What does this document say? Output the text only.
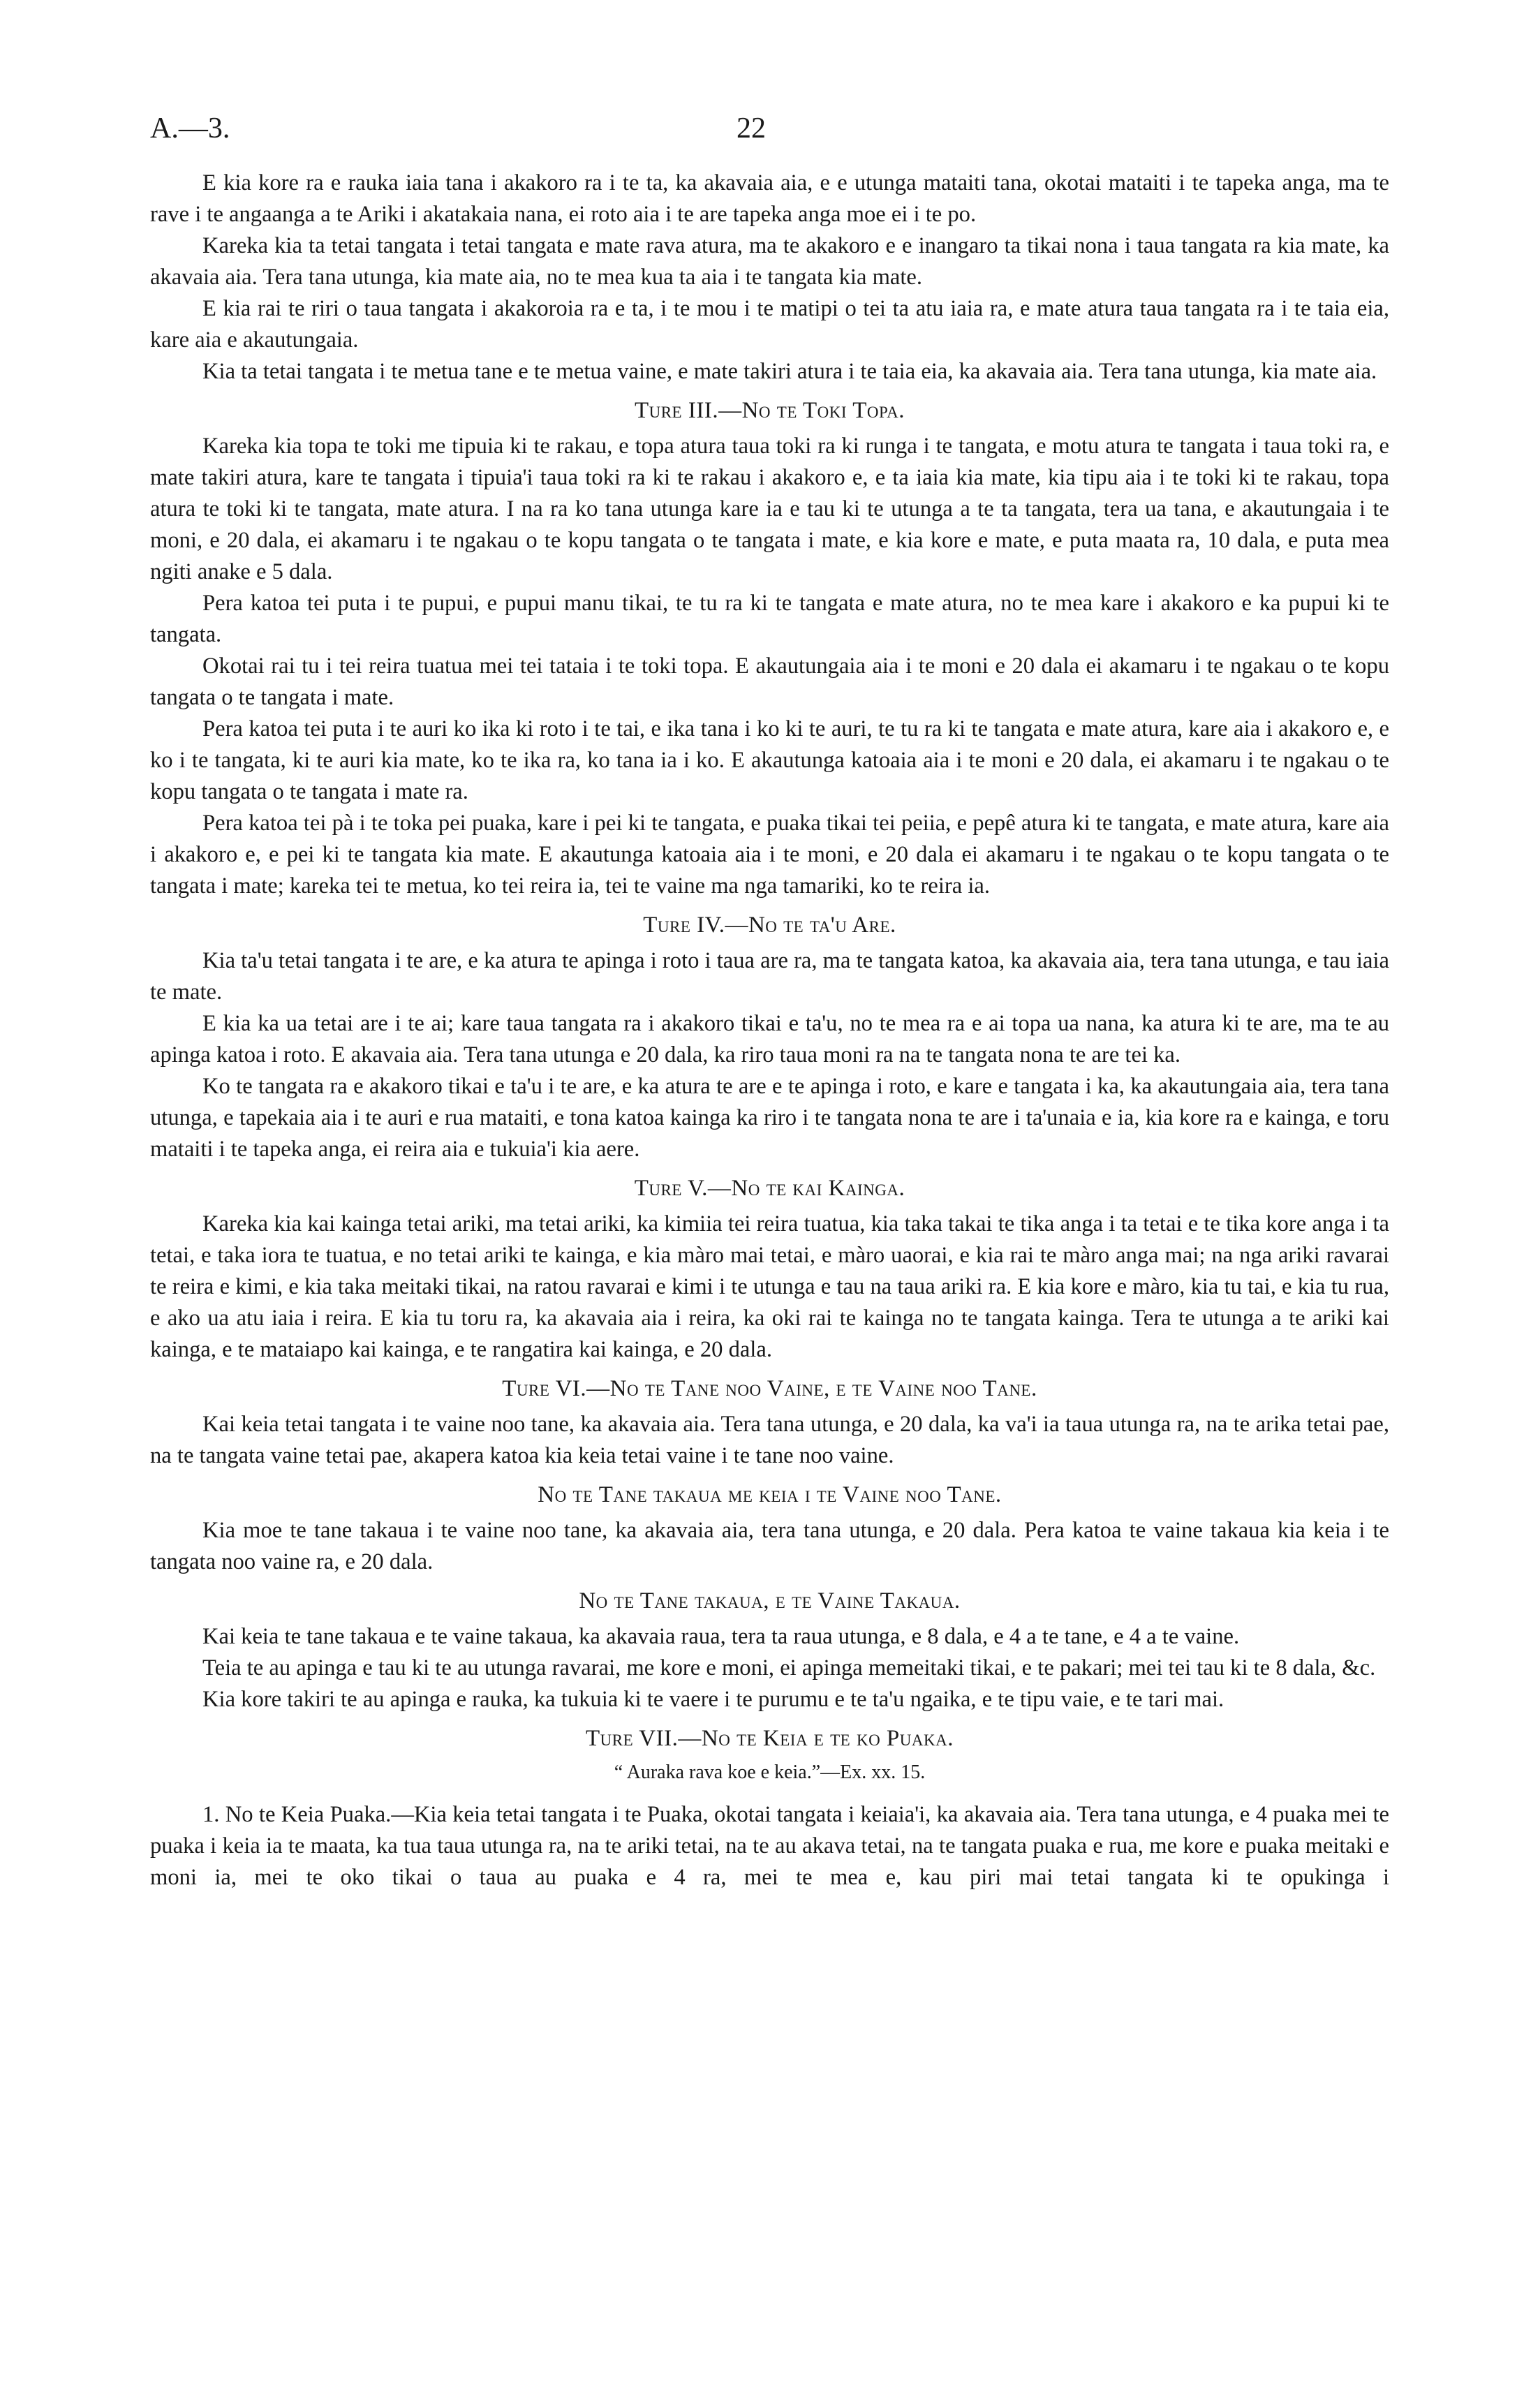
A.—3.	22

E kia kore ra e rauka iaia tana i akakoro ra i te ta, ka akavaia aia, e e utunga mataiti tana, okotai mataiti i te tapeka anga, ma te rave i te angaanga a te Ariki i akatakaia nana, ei roto aia i te are tapeka anga moe ei i te po.

Kareka kia ta tetai tangata i tetai tangata e mate rava atura, ma te akakoro e e inangaro ta tikai nona i taua tangata ra kia mate, ka akavaia aia. Tera tana utunga, kia mate aia, no te mea kua ta aia i te tangata kia mate.

E kia rai te riri o taua tangata i akakoroia ra e ta, i te mou i te matipi o tei ta atu iaia ra, e mate atura taua tangata ra i te taia eia, kare aia e akautungaia.

Kia ta tetai tangata i te metua tane e te metua vaine, e mate takiri atura i te taia eia, ka akavaia aia. Tera tana utunga, kia mate aia.

Ture III.—No te Toki Topa.

Kareka kia topa te toki me tipuia ki te rakau, e topa atura taua toki ra ki runga i te tangata, e motu atura te tangata i taua toki ra, e mate takiri atura, kare te tangata i tipuia'i taua toki ra ki te rakau i akakoro e, e ta iaia kia mate, kia tipu aia i te toki ki te rakau, topa atura te toki ki te tangata, mate atura. I na ra ko tana utunga kare ia e tau ki te utunga a te ta tangata, tera ua tana, e akautungaia i te moni, e 20 dala, ei akamaru i te ngakau o te kopu tangata o te tangata i mate, e kia kore e mate, e puta maata ra, 10 dala, e puta mea ngiti anake e 5 dala.

Pera katoa tei puta i te pupui, e pupui manu tikai, te tu ra ki te tangata e mate atura, no te mea kare i akakoro e ka pupui ki te tangata.

Okotai rai tu i tei reira tuatua mei tei tataia i te toki topa. E akautungaia aia i te moni e 20 dala ei akamaru i te ngakau o te kopu tangata o te tangata i mate.

Pera katoa tei puta i te auri ko ika ki roto i te tai, e ika tana i ko ki te auri, te tu ra ki te tangata e mate atura, kare aia i akakoro e, e ko i te tangata, ki te auri kia mate, ko te ika ra, ko tana ia i ko. E akautunga katoaia aia i te moni e 20 dala, ei akamaru i te ngakau o te kopu tangata o te tangata i mate ra.

Pera katoa tei pà i te toka pei puaka, kare i pei ki te tangata, e puaka tikai tei peiia, e pepê atura ki te tangata, e mate atura, kare aia i akakoro e, e pei ki te tangata kia mate. E akautunga katoaia aia i te moni, e 20 dala ei akamaru i te ngakau o te kopu tangata o te tangata i mate; kareka tei te metua, ko tei reira ia, tei te vaine ma nga tamariki, ko te reira ia.

Ture IV.—No te ta'u Are.

Kia ta'u tetai tangata i te are, e ka atura te apinga i roto i taua are ra, ma te tangata katoa, ka akavaia aia, tera tana utunga, e tau iaia te mate.

E kia ka ua tetai are i te ai; kare taua tangata ra i akakoro tikai e ta'u, no te mea ra e ai topa ua nana, ka atura ki te are, ma te au apinga katoa i roto. E akavaia aia. Tera tana utunga e 20 dala, ka riro taua moni ra na te tangata nona te are tei ka.

Ko te tangata ra e akakoro tikai e ta'u i te are, e ka atura te are e te apinga i roto, e kare e tangata i ka, ka akautungaia aia, tera tana utunga, e tapekaia aia i te auri e rua mataiti, e tona katoa kainga ka riro i te tangata nona te are i ta'unaia e ia, kia kore ra e kainga, e toru mataiti i te tapeka anga, ei reira aia e tukuia'i kia aere.

Ture V.—No te kai Kainga.

Kareka kia kai kainga tetai ariki, ma tetai ariki, ka kimiia tei reira tuatua, kia taka takai te tika anga i ta tetai e te tika kore anga i ta tetai, e taka iora te tuatua, e no tetai ariki te kainga, e kia màro mai tetai, e màro uaorai, e kia rai te màro anga mai; na nga ariki ravarai te reira e kimi, e kia taka meitaki tikai, na ratou ravarai e kimi i te utunga e tau na taua ariki ra. E kia kore e màro, kia tu tai, e kia tu rua, e ako ua atu iaia i reira. E kia tu toru ra, ka akavaia aia i reira, ka oki rai te kainga no te tangata kainga. Tera te utunga a te ariki kai kainga, e te mataiapo kai kainga, e te rangatira kai kainga, e 20 dala.

Ture VI.—No te Tane noo Vaine, e te Vaine noo Tane.

Kai keia tetai tangata i te vaine noo tane, ka akavaia aia. Tera tana utunga, e 20 dala, ka va'i ia taua utunga ra, na te arika tetai pae, na te tangata vaine tetai pae, akapera katoa kia keia tetai vaine i te tane noo vaine.

No te Tane takaua me keia i te Vaine noo Tane.

Kia moe te tane takaua i te vaine noo tane, ka akavaia aia, tera tana utunga, e 20 dala. Pera katoa te vaine takaua kia keia i te tangata noo vaine ra, e 20 dala.

No te Tane takaua, e te Vaine Takaua.

Kai keia te tane takaua e te vaine takaua, ka akavaia raua, tera ta raua utunga, e 8 dala, e 4 a te tane, e 4 a te vaine.

Teia te au apinga e tau ki te au utunga ravarai, me kore e moni, ei apinga memeitaki tikai, e te pakari; mei tei tau ki te 8 dala, &c.

Kia kore takiri te au apinga e rauka, ka tukuia ki te vaere i te purumu e te ta'u ngaika, e te tipu vaie, e te tari mai.

Ture VII.—No te Keia e te ko Puaka.
“ Auraka rava koe e keia.”—Ex. xx. 15.

1. No te Keia Puaka.—Kia keia tetai tangata i te Puaka, okotai tangata i keiaia'i, ka akavaia aia. Tera tana utunga, e 4 puaka mei te puaka i keia ia te maata, ka tua taua utunga ra, na te ariki tetai, na te au akava tetai, na te tangata puaka e rua, me kore e puaka meitaki e moni ia, mei te oko tikai o taua au puaka e 4 ra, mei te mea e, kau piri mai tetai tangata ki te opukinga i
